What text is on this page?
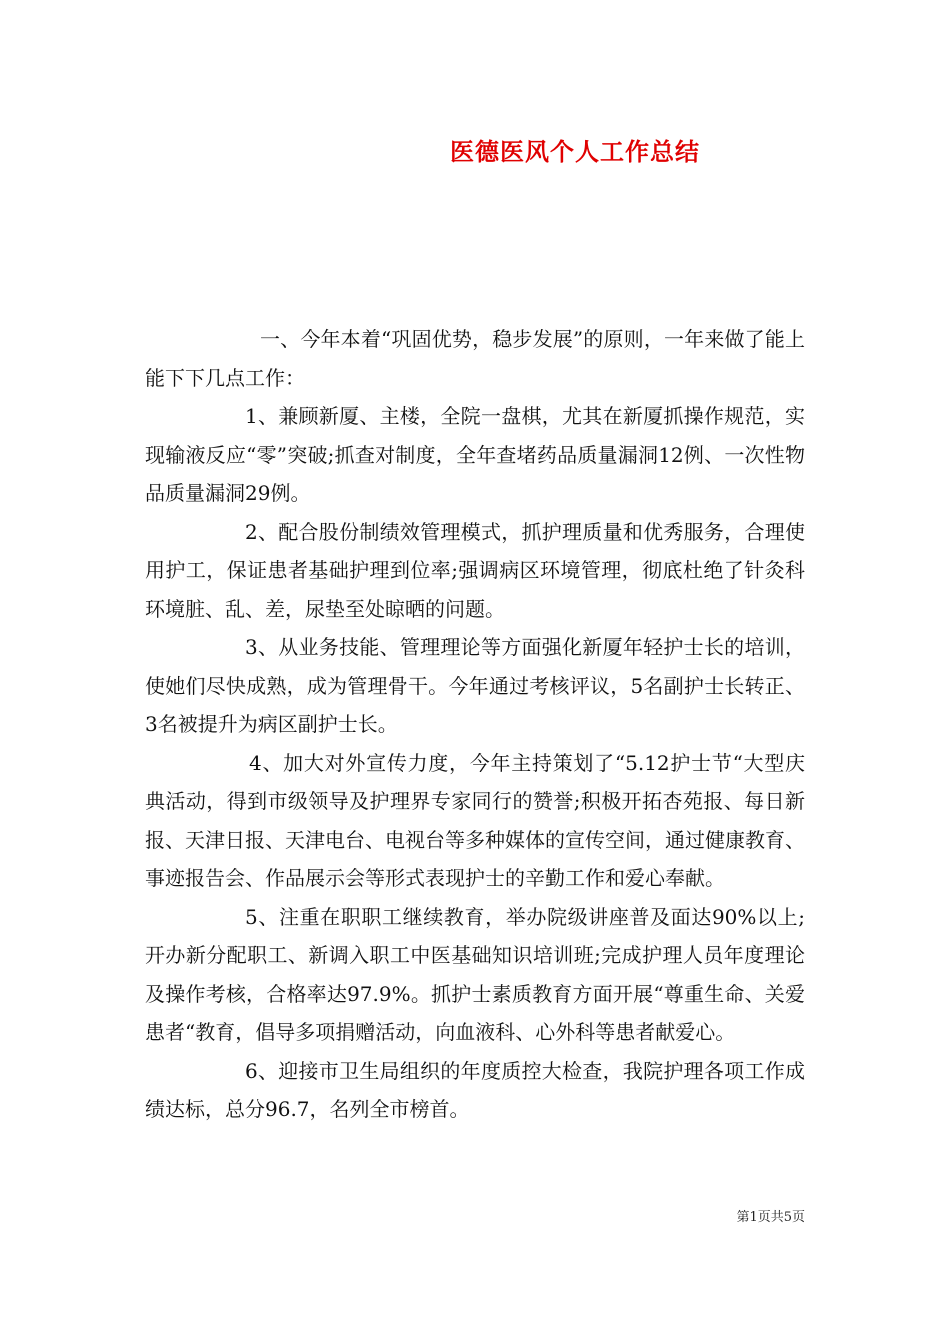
医德医风个人工作总结

一、今年本着“巩固优势，稳步发展”的原则，一年来做了能上能下下几点工作：

1、兼顾新厦、主楼，全院一盘棋，尤其在新厦抓操作规范，实现输液反应“零”突破;抓查对制度，全年查堵药品质量漏洞12例、一次性物品质量漏洞29例。

2、配合股份制绩效管理模式，抓护理质量和优秀服务，合理使用护工，保证患者基础护理到位率;强调病区环境管理，彻底杜绝了针灸科环境脏、乱、差，尿垫至处晾晒的问题。

3、从业务技能、管理理论等方面强化新厦年轻护士长的培训，使她们尽快成熟，成为管理骨干。今年通过考核评议，5名副护士长转正、3名被提升为病区副护士长。

4、加大对外宣传力度，今年主持策划了“5.12护士节“大型庆典活动，得到市级领导及护理界专家同行的赞誉;积极开拓杏苑报、每日新报、天津日报、天津电台、电视台等多种媒体的宣传空间，通过健康教育、事迹报告会、作品展示会等形式表现护士的辛勤工作和爱心奉献。

5、注重在职职工继续教育，举办院级讲座普及面达90%以上;开办新分配职工、新调入职工中医基础知识培训班;完成护理人员年度理论及操作考核，合格率达97.9%。抓护士素质教育方面开展“尊重生命、关爱患者“教育，倡导多项捐赠活动，向血液科、心外科等患者献爱心。

6、迎接市卫生局组织的年度质控大检查，我院护理各项工作成绩达标，总分96.7，名列全市榜首。

第1页共5页
